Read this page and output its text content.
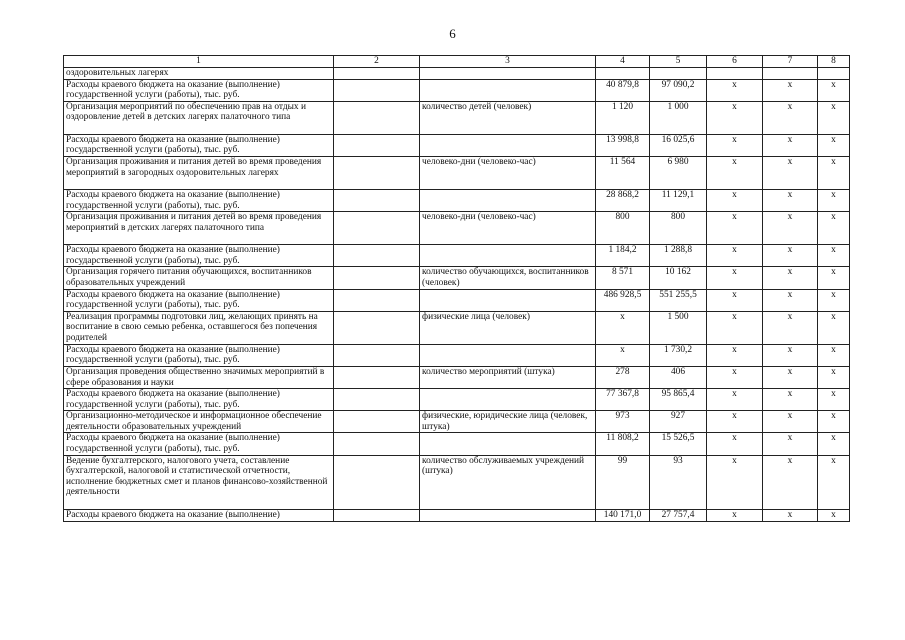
6
1	2	3	4	5	6	7	8
оздоровительных лагерях							
Расходы краевого бюджета на оказание (выполнение) государственной услуги (работы), тыс. руб.			40 879,8	97 090,2	х	х	х
Организация мероприятий по обеспечению прав на отдых и оздоровление детей в детских лагерях палаточного типа		количество детей (человек)	1 120	1 000	х	х	х
Расходы краевого бюджета на оказание (выполнение) государственной услуги (работы), тыс. руб.			13 998,8	16 025,6	х	х	х
Организация проживания и питания детей во время проведения мероприятий в загородных оздоровительных лагерях		человеко-дни (человеко-час)	11 564	6 980	х	х	х
Расходы краевого бюджета на оказание (выполнение) государственной услуги (работы), тыс. руб.			28 868,2	11 129,1	х	х	х
Организация проживания и питания детей во время проведения мероприятий в детских лагерях палаточного типа		человеко-дни (человеко-час)	800	800	х	х	х
Расходы краевого бюджета на оказание (выполнение) государственной услуги (работы), тыс. руб.			1 184,2	1 288,8	х	х	х
Организация горячего питания обучающихся, воспитанников образовательных учреждений		количество обучающихся, воспитанников (человек)	8 571	10 162	х	х	х
Расходы краевого бюджета на оказание (выполнение) государственной услуги (работы), тыс. руб.			486 928,5	551 255,5	х	х	х
Реализация программы подготовки лиц, желающих принять на воспитание в свою семью ребенка, оставшегося без попечения родителей		физические лица (человек)	х	1 500	х	х	х
Расходы краевого бюджета на оказание (выполнение) государственной услуги (работы), тыс. руб.			х	1 730,2	х	х	х
Организация проведения общественно значимых мероприятий в сфере образования и науки		количество мероприятий (штука)	278	406	х	х	х
Расходы краевого бюджета на оказание (выполнение) государственной услуги (работы), тыс. руб.			77 367,8	95 865,4	х	х	х
Организационно-методическое и информационное обеспечение деятельности образовательных учреждений		физические, юридические лица (человек, штука)	973	927	х	х	х
Расходы краевого бюджета на оказание (выполнение) государственной услуги (работы), тыс. руб.			11 808,2	15 526,5	х	х	х
Ведение бухгалтерского, налогового учета, составление бухгалтерской, налоговой и статистической отчетности, исполнение бюджетных смет и планов финансово-хозяйственной деятельности		количество обслуживаемых учреждений (штука)	99	93	х	х	х
Расходы краевого бюджета на оказание (выполнение)			140 171,0	27 757,4	х	х	х
